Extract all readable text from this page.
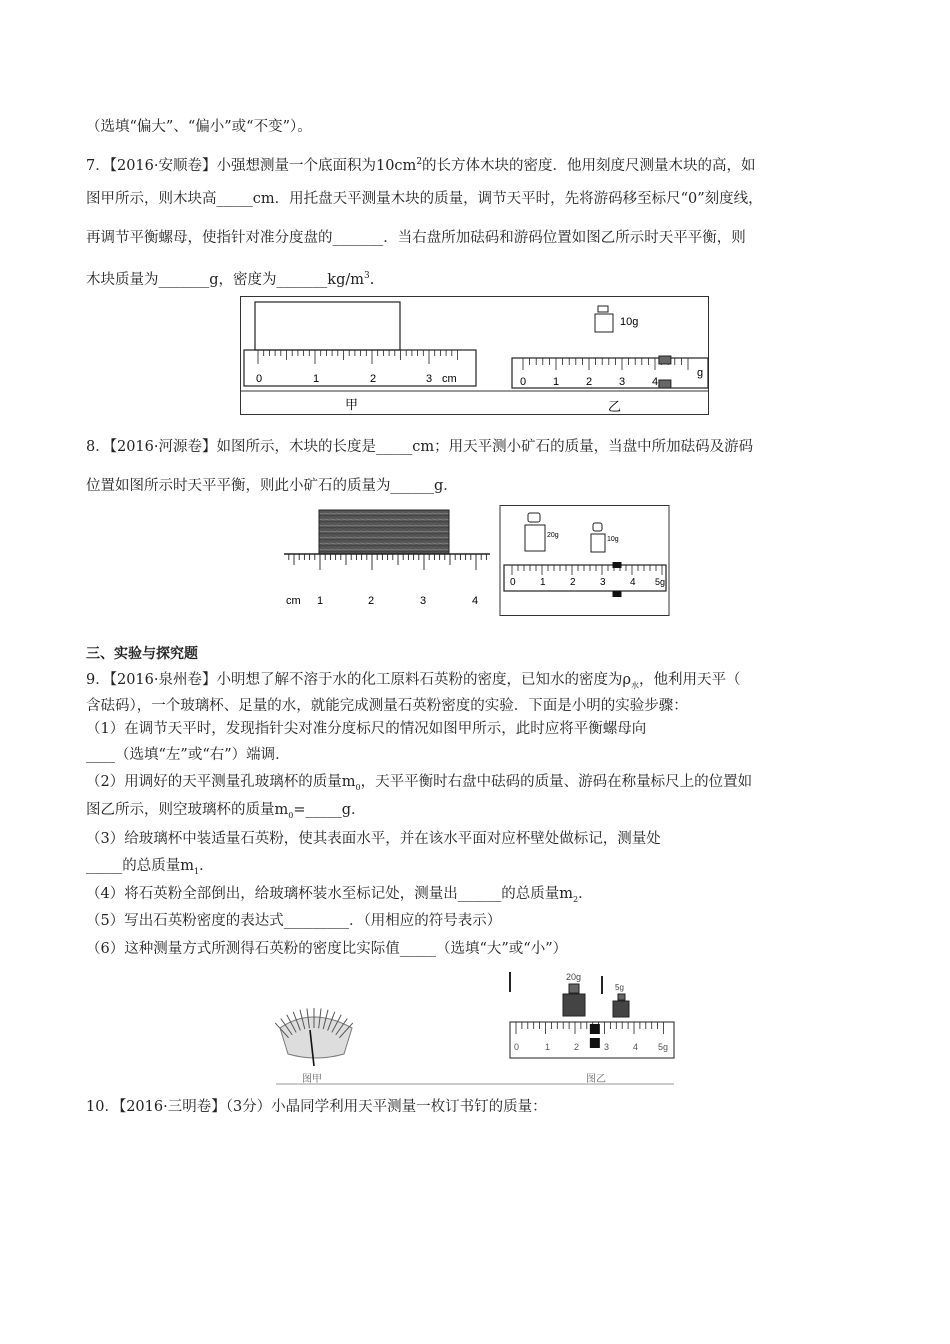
（选填“偏大”、“偏小”或“不变”）。
7．【2016·安顺卷】小强想测量一个底面积为$10cm^2$的长方体木块的密度．他用刻度尺测量木块的高，如
图甲所示，则木块高_____cm．用托盘天平测量木块的质量，调节天平时，先将游码移至标尺“0”刻度线，
再调节平衡螺母，使指针对准分度盘的_______．当右盘所加砝码和游码位置如图乙所示时天平平衡，则
木块质量为_______g，密度为$\_\_\_\_\_\_\_kg/m^3$.
0	1	2	3 cm
10g
0 1 2 3 4
g
甲	乙
8．【2016·河源卷】如图所示，木块的长度是_____cm；用天平测小矿石的质量，当盘中所加砝码及游码
位置如图所示时天平平衡，则此小矿石的质量为______g．
cm 1	2	3	4
20g
10g
0 1 2 3 4 5g
三、实验与探究题
9．【2016·泉州卷】小明想了解不溶于水的化工原料石英粉的密度，已知水的密度为$\rho_水$，他利用天平（
含砝码），一个玻璃杯、足量的水，就能完成测量石英粉密度的实验．下面是小明的实验步骤：
（1）在调节天平时，发现指针尖对准分度标尺的情况如图甲所示，此时应将平衡螺母向
____（选填“左”或“右”）端调．
（2）用调好的天平测量孔玻璃杯的质量$m_0$，天平平衡时右盘中砝码的质量、游码在称量标尺上的位置如
图乙所示，则空玻璃杯的质量$m_0=\_\_\_\_\_g$．
（3）给玻璃杯中装适量石英粉，使其表面水平，并在该水平面对应杯壁处做标记，测量处
_____的总质量$m_1$．
（4）将石英粉全部倒出，给玻璃杯装水至标记处，测量出______的总质量$m_2$．
（5）写出石英粉密度的表达式_________．（用相应的符号表示）
（6）这种测量方式所测得石英粉的密度比实际值_____（选填“大”或“小”）
图甲
20g
5g
0	1	2	3	4 5g
图乙
10．【2016·三明卷】（3分）小晶同学利用天平测量一枚订书钉的质量：
